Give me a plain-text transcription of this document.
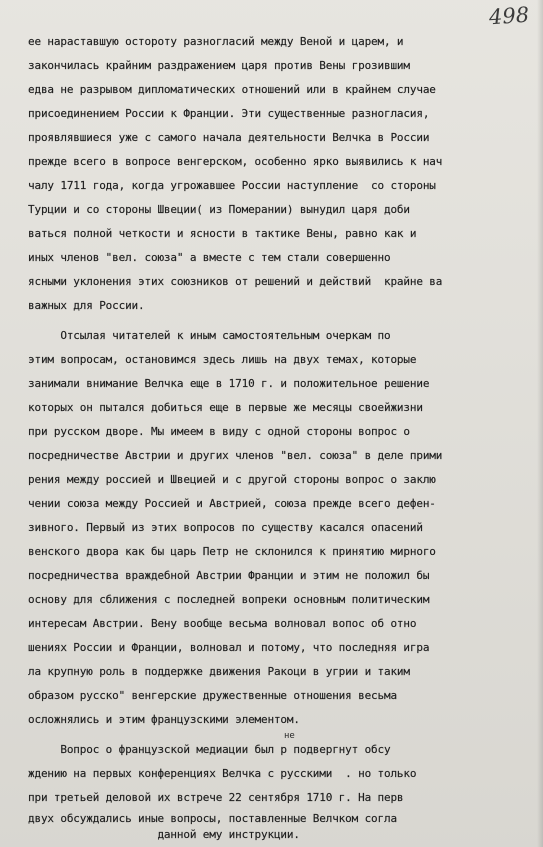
498
ее нараставшую остороту разногласий между Веной и царем, и
закончилась крайним раздражением царя против Вены грозившим
едва не разрывом дипломатических отношений или в крайнем случае
присоединением России к Франции. Эти существенные разногласия,
проявлявшиеся уже с самого начала деятельности Велчка в России
прежде всего в вопросе венгерском, особенно ярко выявились к нач
чалу 1711 года, когда угрожавшее России наступление  со стороны
Турции и со стороны Швеции( из Померании) вынудил царя доби
ваться полной четкости и ясности в тактике Вены, равно как и
иных членов "вел. союза" а вместе с тем стали совершенно
ясными уклонения этих союзников от решений и действий  крайне ва
важных для России.
Отсылая читателей к иным самостоятельным очеркам по
этим вопросам, остановимся здесь лишь на двух темах, которые
занимали внимание Велчка еще в 1710 г. и положительное решение
которых он пытался добиться еще в первые же месяцы своейжизни
при русском дворе. Мы имеем в виду с одной стороны вопрос о
посредничестве Австрии и других членов "вел. союза" в деле прими
рения между россией и Швецией и с другой стороны вопрос о заклю
чении союза между Россией и Австрией, союза прежде всего дефен-
зивного. Первый из этих вопросов по существу касался опасений
венского двора как бы царь Петр не склонился к принятию мирного
посредничества враждебной Австрии Франции и этим не положил бы
основу для сближения с последней вопреки основным политическим
интересам Австрии. Вену вообще весьма волновал вопос об отно
шениях России и Франции, волновал и потому, что последняя игра
ла крупную роль в поддержке движения Ракоци в угрии и таким
образом русско" венгерские дружественные отношения весьма
осложнялись и этим французскими элементом.
Вопрос о французской медиации был р подвергнут обсу
ждению на первых конференциях Велчка с русскими  . но только
при третьей деловой их встрече 22 сентября 1710 г. На перв
двух обсуждались иные вопросы, поставленные Велчком согла
данной ему инструкции.
не
